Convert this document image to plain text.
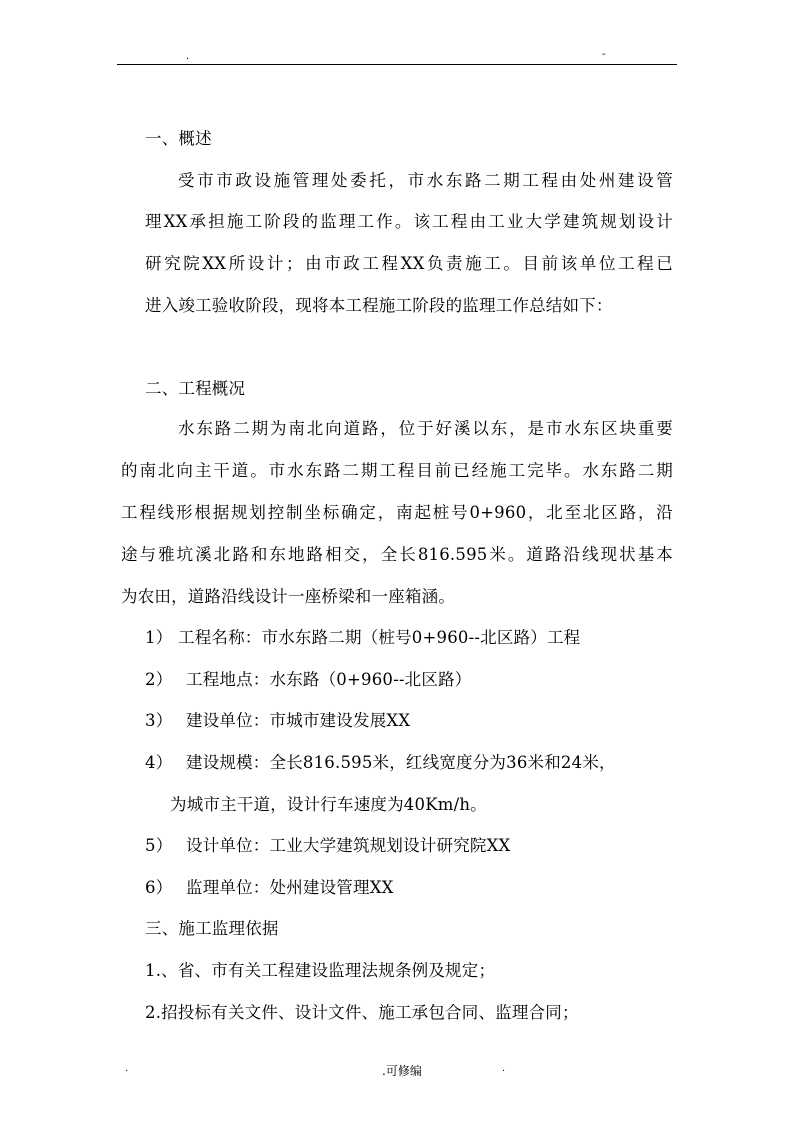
.	-
一、概述
受市市政设施管理处委托，市水东路二期工程由处州建设管
理XX承担施工阶段的监理工作。该工程由工业大学建筑规划设计
研究院XX所设计；由市政工程XX负责施工。目前该单位工程已
进入竣工验收阶段，现将本工程施工阶段的监理工作总结如下：
二、工程概况
水东路二期为南北向道路，位于好溪以东，是市水东区块重要
的南北向主干道。市水东路二期工程目前已经施工完毕。水东路二期
工程线形根据规划控制坐标确定，南起桩号0+960，北至北区路，沿
途与雅坑溪北路和东地路相交，全长816.595米。道路沿线现状基本
为农田，道路沿线设计一座桥梁和一座箱涵。
1） 工程名称：市水东路二期（桩号0+960--北区路）工程
2） 工程地点：水东路（0+960--北区路）
3） 建设单位：市城市建设发展XX
4） 建设规模：全长816.595米，红线宽度分为36米和24米，
为城市主干道，设计行车速度为40Km/h。
5） 设计单位：工业大学建筑规划设计研究院XX
6） 监理单位：处州建设管理XX
三、施工监理依据
1.、省、市有关工程建设监理法规条例及规定；
2.招投标有关文件、设计文件、施工承包合同、监理合同；
.	.可修编	.
